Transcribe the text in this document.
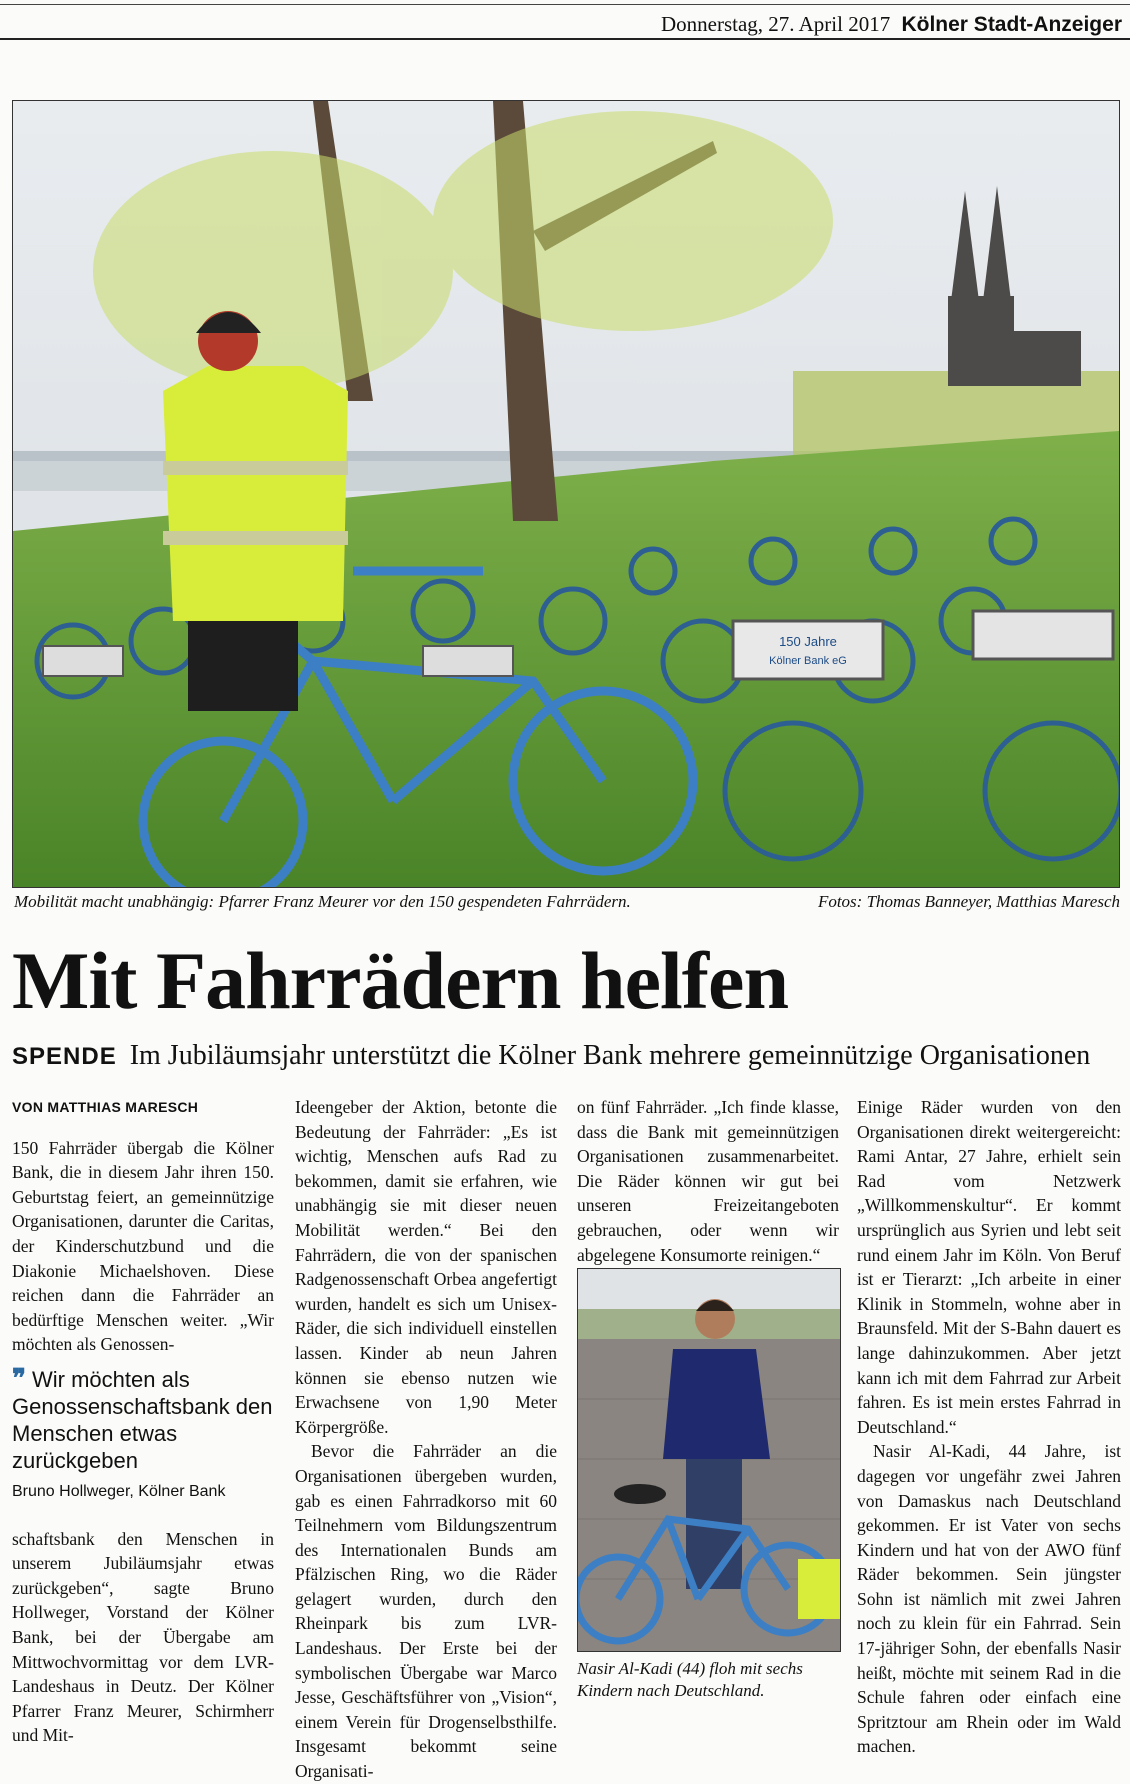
Donnerstag, 27. April 2017 Kölner Stadt-Anzeiger
150 Jahre
Kölner Bank eG
Mobilität macht unabhängig: Pfarrer Franz Meurer vor den 150 gespendeten Fahrrädern.	Fotos: Thomas Banneyer, Matthias Maresch
Mit Fahrrädern helfen
SPENDE Im Jubiläumsjahr unterstützt die Kölner Bank mehrere gemeinnützige Organisationen

VON MATTHIAS MARESCH

150 Fahrräder übergab die Kölner Bank, die in diesem Jahr ihren 150. Geburtstag feiert, an gemeinnützige Organisationen, darunter die Caritas, der Kinderschutzbund und die Diakonie Michaelshoven. Diese reichen dann die Fahrräder an bedürftige Menschen weiter. „Wir möchten als Genossen-

❞ Wir möchten als Genossenschaftsbank den Menschen etwas zurückgeben

Bruno Hollweger, Kölner Bank

schaftsbank den Menschen in unserem Jubiläumsjahr etwas zurückgeben“, sagte Bruno Hollweger, Vorstand der Kölner Bank, bei der Übergabe am Mittwochvormittag vor dem LVR-Landeshaus in Deutz. Der Kölner Pfarrer Franz Meurer, Schirmherr und Mit-

Ideengeber der Aktion, betonte die Bedeutung der Fahrräder: „Es ist wichtig, Menschen aufs Rad zu bekommen, damit sie erfahren, wie unabhängig sie mit dieser neuen Mobilität werden.“ Bei den Fahrrädern, die von der spanischen Radgenossenschaft Orbea angefertigt wurden, handelt es sich um Unisex-Räder, die sich individuell einstellen lassen. Kinder ab neun Jahren können sie ebenso nutzen wie Erwachsene von 1,90 Meter Körpergröße.

Bevor die Fahrräder an die Organisationen übergeben wurden, gab es einen Fahrradkorso mit 60 Teilnehmern vom Bildungszentrum des Internationalen Bunds am Pfälzischen Ring, wo die Räder gelagert wurden, durch den Rheinpark bis zum LVR-Landeshaus. Der Erste bei der symbolischen Übergabe war Marco Jesse, Geschäftsführer von „Vision“, einem Verein für Drogenselbsthilfe. Insgesamt bekommt seine Organisati-

on fünf Fahrräder. „Ich finde klasse, dass die Bank mit gemeinnützigen Organisationen zusammenarbeitet. Die Räder können wir gut bei unseren Freizeitangeboten gebrauchen, oder wenn wir abgelegene Konsumorte reinigen.“

Nasir Al-Kadi (44) floh mit sechs Kindern nach Deutschland.

Einige Räder wurden von den Organisationen direkt weitergereicht: Rami Antar, 27 Jahre, erhielt sein Rad vom Netzwerk „Willkommenskultur“. Er kommt ursprünglich aus Syrien und lebt seit rund einem Jahr im Köln. Von Beruf ist er Tierarzt: „Ich arbeite in einer Klinik in Stommeln, wohne aber in Braunsfeld. Mit der S-Bahn dauert es lange dahinzukommen. Aber jetzt kann ich mit dem Fahrrad zur Arbeit fahren. Es ist mein erstes Fahrrad in Deutschland.“

Nasir Al-Kadi, 44 Jahre, ist dagegen vor ungefähr zwei Jahren von Damaskus nach Deutschland gekommen. Er ist Vater von sechs Kindern und hat von der AWO fünf Räder bekommen. Sein jüngster Sohn ist nämlich mit zwei Jahren noch zu klein für ein Fahrrad. Sein 17-jähriger Sohn, der ebenfalls Nasir heißt, möchte mit seinem Rad in die Schule fahren oder einfach eine Spritztour am Rhein oder im Wald machen.
